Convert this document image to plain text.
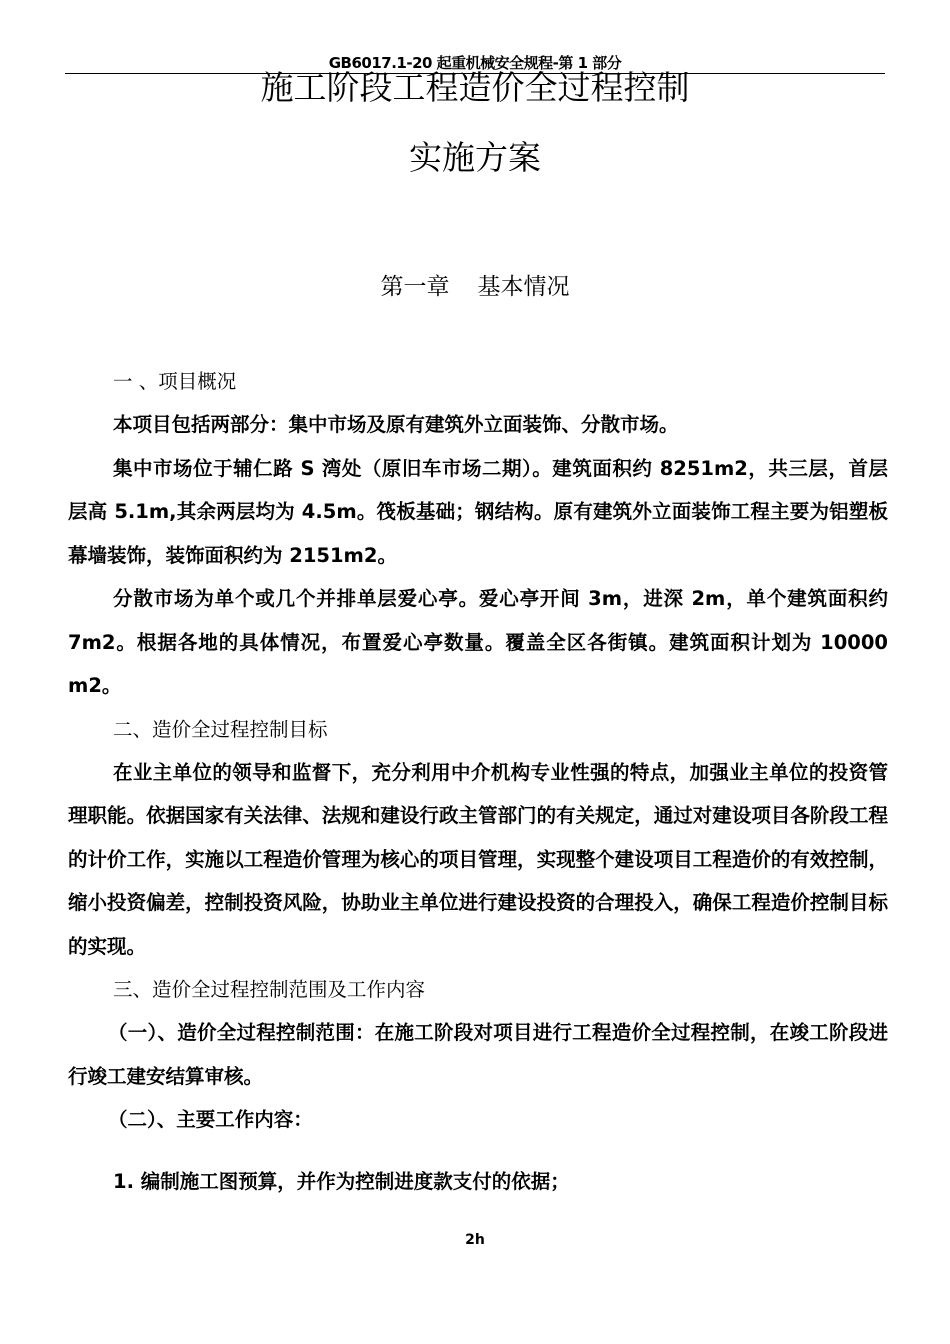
GB6017.1-20 起重机械安全规程-第 1 部分
施工阶段工程造价全过程控制
实施方案
第一章 基本情况

一 、项目概况

本项目包括两部分：集中市场及原有建筑外立面装饰、分散市场。

集中市场位于辅仁路 S 湾处（原旧车市场二期）。建筑面积约 8251m2，共三层，首层层高 5.1m,其余两层均为 4.5m。筏板基础；钢结构。原有建筑外立面装饰工程主要为铝塑板幕墙装饰，装饰面积约为 2151m2。

分散市场为单个或几个并排单层爱心亭。爱心亭开间 3m，进深 2m，单个建筑面积约 7m2。根据各地的具体情况，布置爱心亭数量。覆盖全区各街镇。建筑面积计划为 10000 m2。

二、造价全过程控制目标

在业主单位的领导和监督下，充分利用中介机构专业性强的特点，加强业主单位的投资管理职能。依据国家有关法律、法规和建设行政主管部门的有关规定，通过对建设项目各阶段工程的计价工作，实施以工程造价管理为核心的项目管理，实现整个建设项目工程造价的有效控制，缩小投资偏差，控制投资风险，协助业主单位进行建设投资的合理投入，确保工程造价控制目标的实现。

三、造价全过程控制范围及工作内容

（一）、造价全过程控制范围：在施工阶段对项目进行工程造价全过程控制，在竣工阶段进行竣工建安结算审核。

（二）、主要工作内容：

1. 编制施工图预算，并作为控制进度款支付的依据；

2h
